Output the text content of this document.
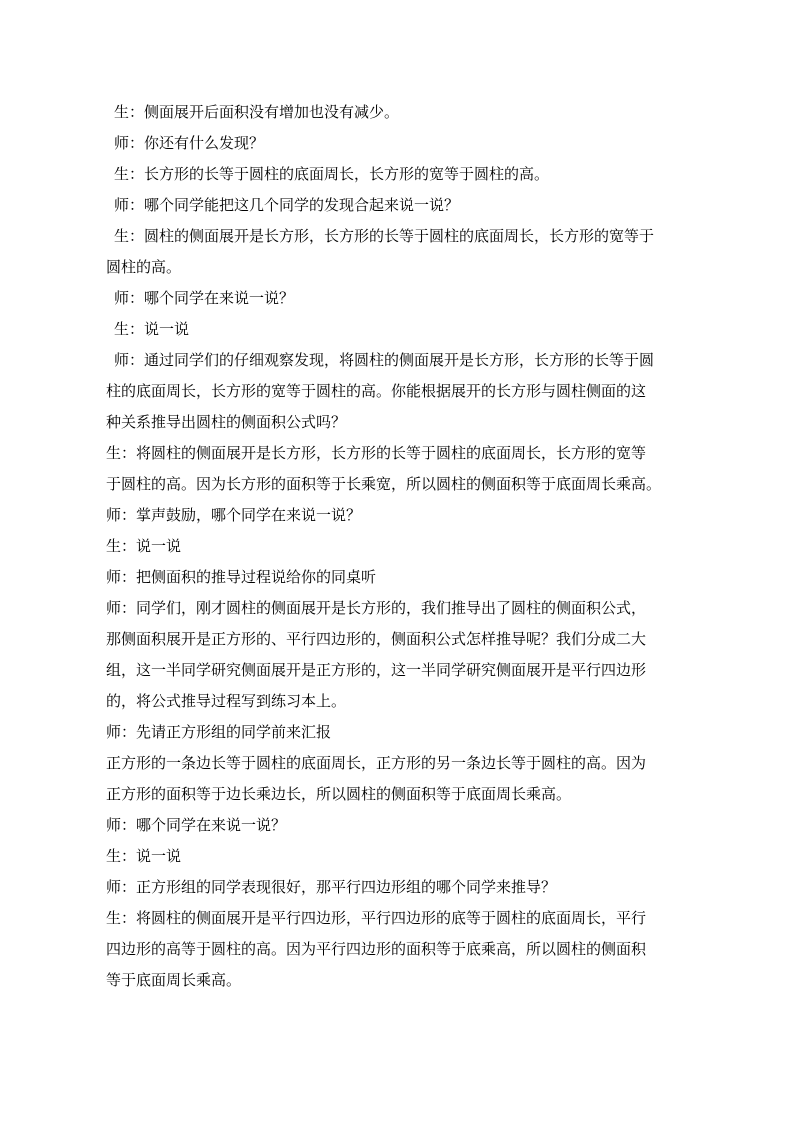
生：侧面展开后面积没有增加也没有减少。
师：你还有什么发现？
生：长方形的长等于圆柱的底面周长，长方形的宽等于圆柱的高。
师：哪个同学能把这几个同学的发现合起来说一说？
生：圆柱的侧面展开是长方形，长方形的长等于圆柱的底面周长，长方形的宽等于
圆柱的高。
师：哪个同学在来说一说？
生：说一说
师：通过同学们的仔细观察发现，将圆柱的侧面展开是长方形，长方形的长等于圆
柱的底面周长，长方形的宽等于圆柱的高。你能根据展开的长方形与圆柱侧面的这
种关系推导出圆柱的侧面积公式吗？
生：将圆柱的侧面展开是长方形，长方形的长等于圆柱的底面周长，长方形的宽等
于圆柱的高。因为长方形的面积等于长乘宽，所以圆柱的侧面积等于底面周长乘高。
师：掌声鼓励，哪个同学在来说一说？
生：说一说
师：把侧面积的推导过程说给你的同桌听
师：同学们，刚才圆柱的侧面展开是长方形的，我们推导出了圆柱的侧面积公式，
那侧面积展开是正方形的、平行四边形的，侧面积公式怎样推导呢？我们分成二大
组，这一半同学研究侧面展开是正方形的，这一半同学研究侧面展开是平行四边形
的，将公式推导过程写到练习本上。
师：先请正方形组的同学前来汇报
正方形的一条边长等于圆柱的底面周长，正方形的另一条边长等于圆柱的高。因为
正方形的面积等于边长乘边长，所以圆柱的侧面积等于底面周长乘高。
师：哪个同学在来说一说？
生：说一说
师：正方形组的同学表现很好，那平行四边形组的哪个同学来推导？
生：将圆柱的侧面展开是平行四边形，平行四边形的底等于圆柱的底面周长，平行
四边形的高等于圆柱的高。因为平行四边形的面积等于底乘高，所以圆柱的侧面积
等于底面周长乘高。
